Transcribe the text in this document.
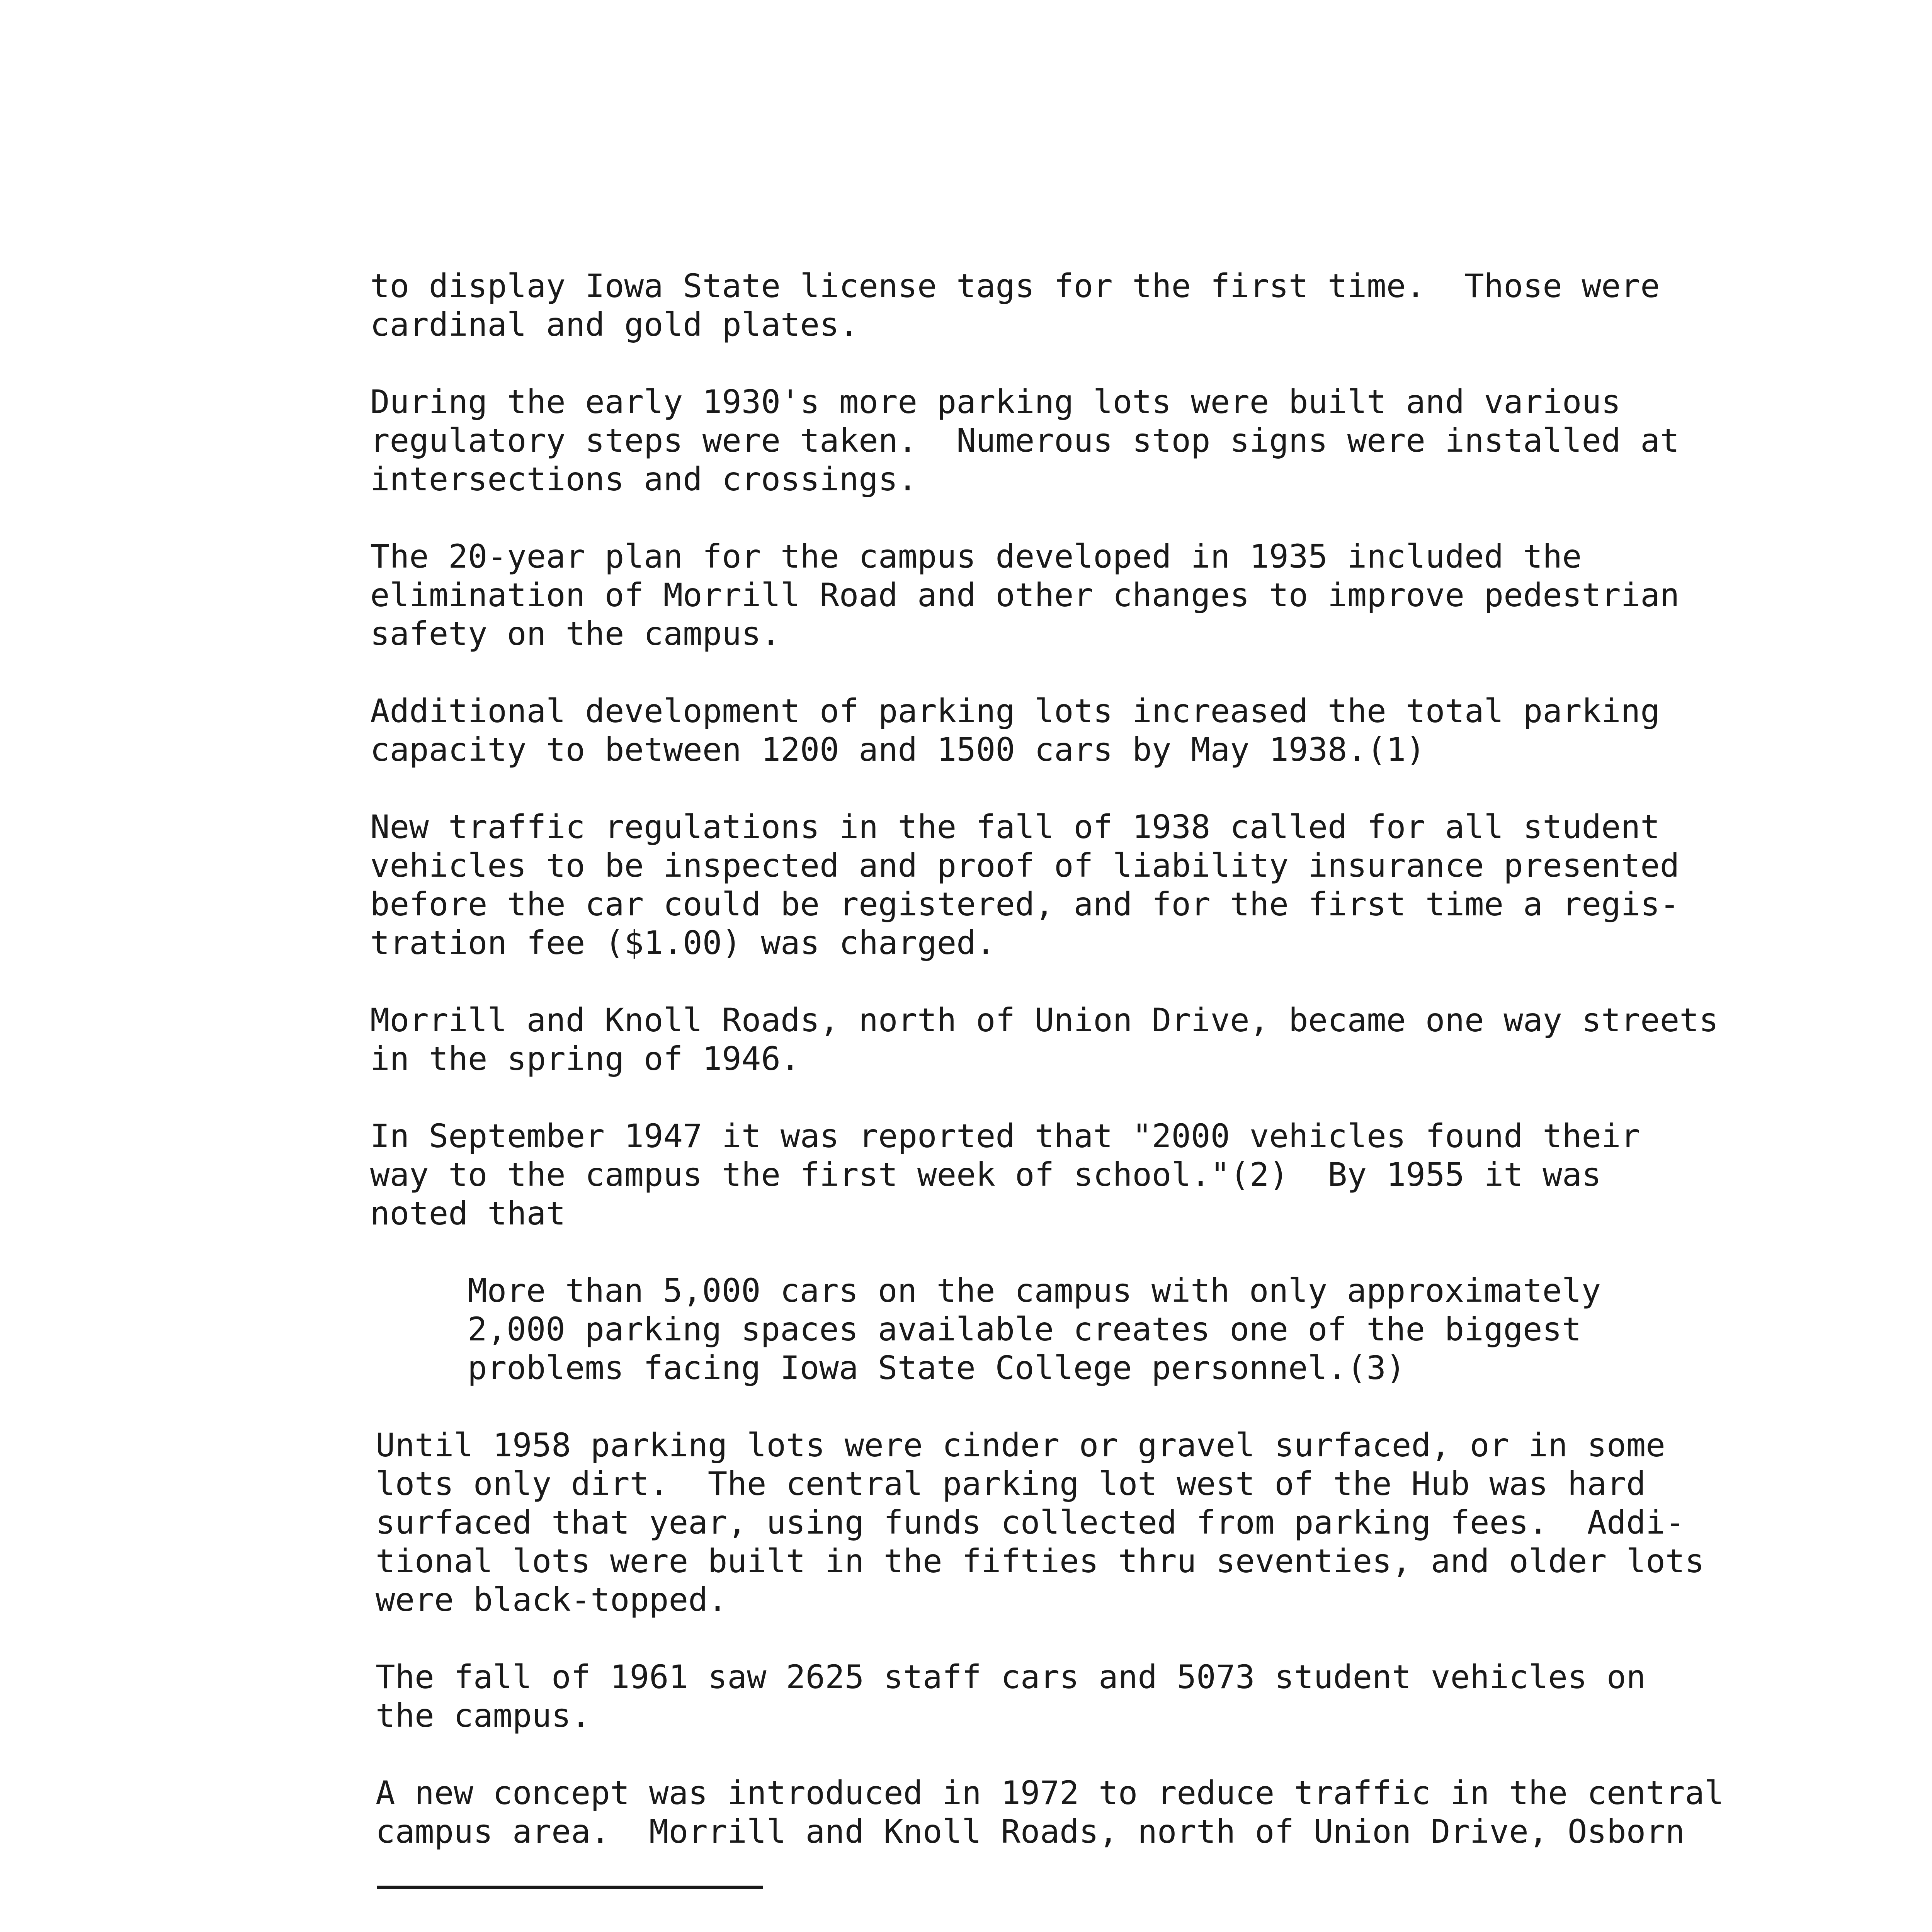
to display Iowa State license tags for the first time.  Those were
cardinal and gold plates.
During the early 1930's more parking lots were built and various
regulatory steps were taken.  Numerous stop signs were installed at
intersections and crossings.
The 20-year plan for the campus developed in 1935 included the
elimination of Morrill Road and other changes to improve pedestrian
safety on the campus.
Additional development of parking lots increased the total parking
capacity to between 1200 and 1500 cars by May 1938.(1)
New traffic regulations in the fall of 1938 called for all student
vehicles to be inspected and proof of liability insurance presented
before the car could be registered, and for the first time a regis-
tration fee ($1.00) was charged.
Morrill and Knoll Roads, north of Union Drive, became one way streets
in the spring of 1946.
In September 1947 it was reported that "2000 vehicles found their
way to the campus the first week of school."(2)  By 1955 it was
noted that
More than 5,000 cars on the campus with only approximately
2,000 parking spaces available creates one of the biggest
problems facing Iowa State College personnel.(3)
Until 1958 parking lots were cinder or gravel surfaced, or in some
lots only dirt.  The central parking lot west of the Hub was hard
surfaced that year, using funds collected from parking fees.  Addi-
tional lots were built in the fifties thru seventies, and older lots
were black-topped.
The fall of 1961 saw 2625 staff cars and 5073 student vehicles on
the campus.
A new concept was introduced in 1972 to reduce traffic in the central
campus area.  Morrill and Knoll Roads, north of Union Drive, Osborn
